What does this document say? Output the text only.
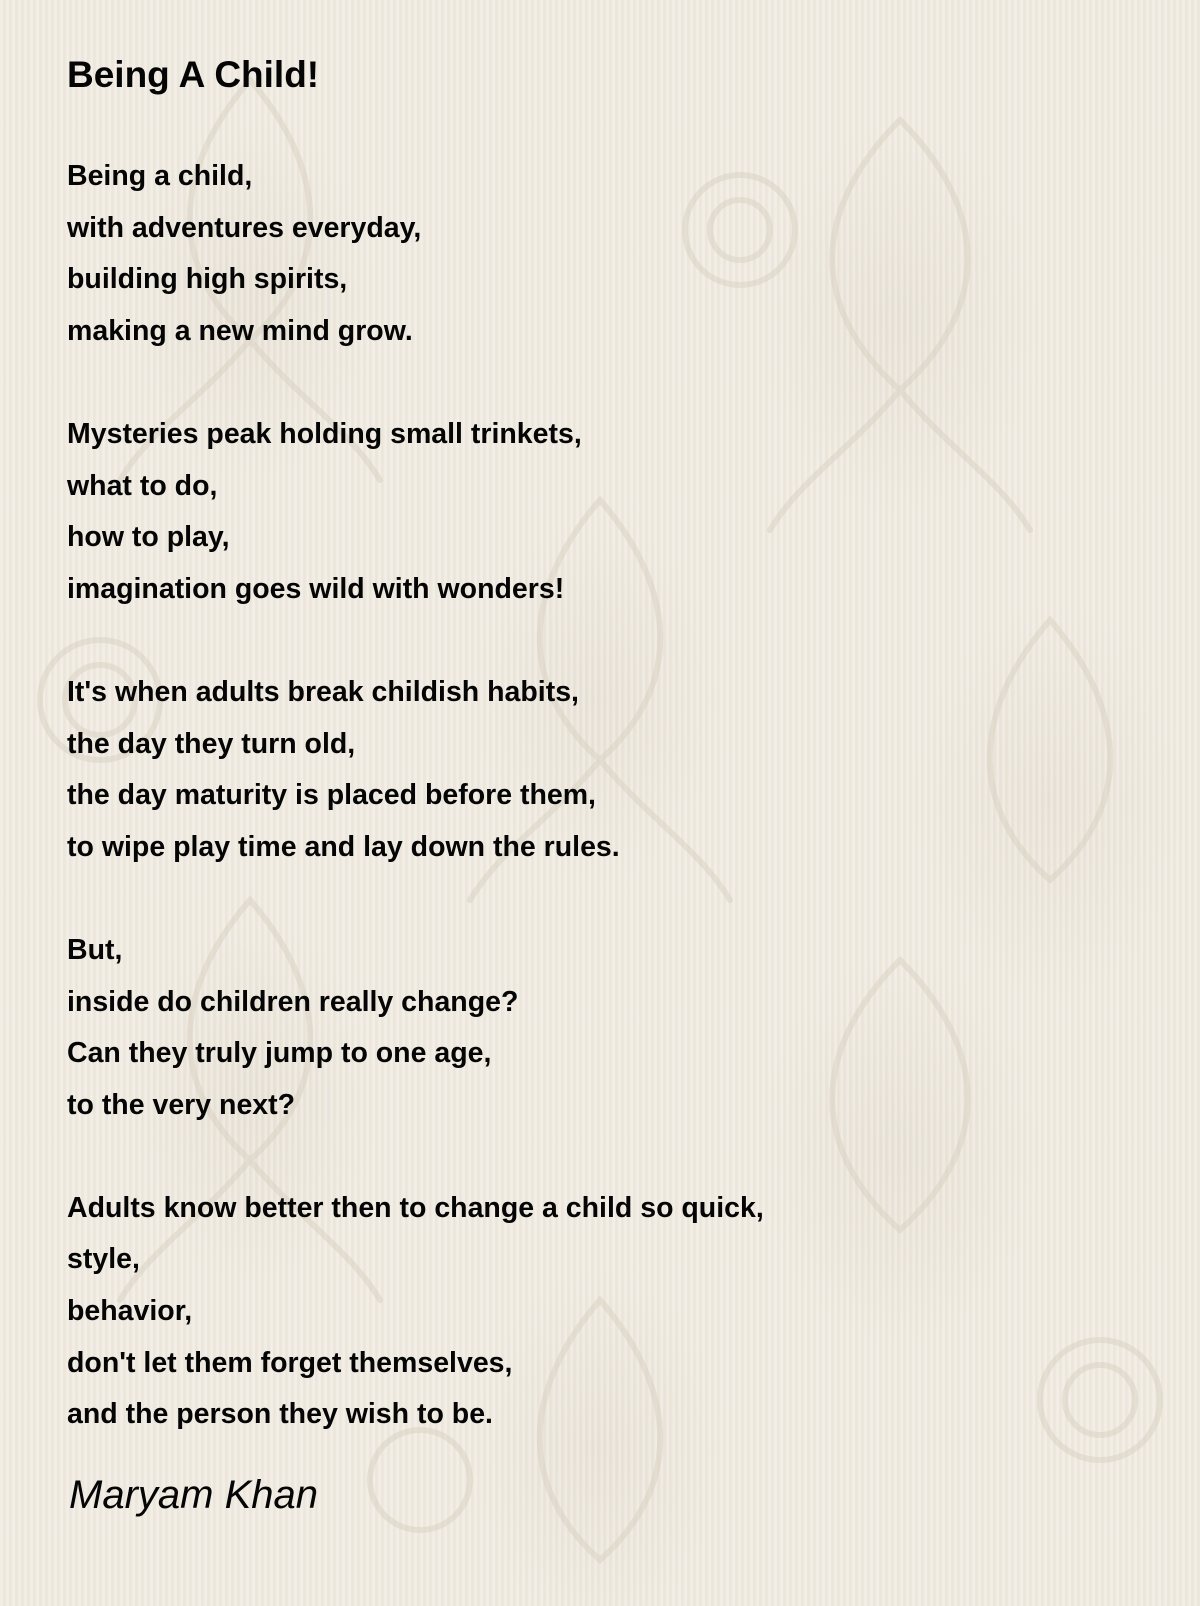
Being A Child!
Being a child,
with adventures everyday,
building high spirits,
making a new mind grow.
Mysteries peak holding small trinkets,
what to do,
how to play,
imagination goes wild with wonders!
It's when adults break childish habits,
the day they turn old,
the day maturity is placed before them,
to wipe play time and lay down the rules.
But,
inside do children really change?
Can they truly jump to one age,
to the very next?
Adults know better then to change a child so quick,
style,
behavior,
don't let them forget themselves,
and the person they wish to be.

Maryam Khan
